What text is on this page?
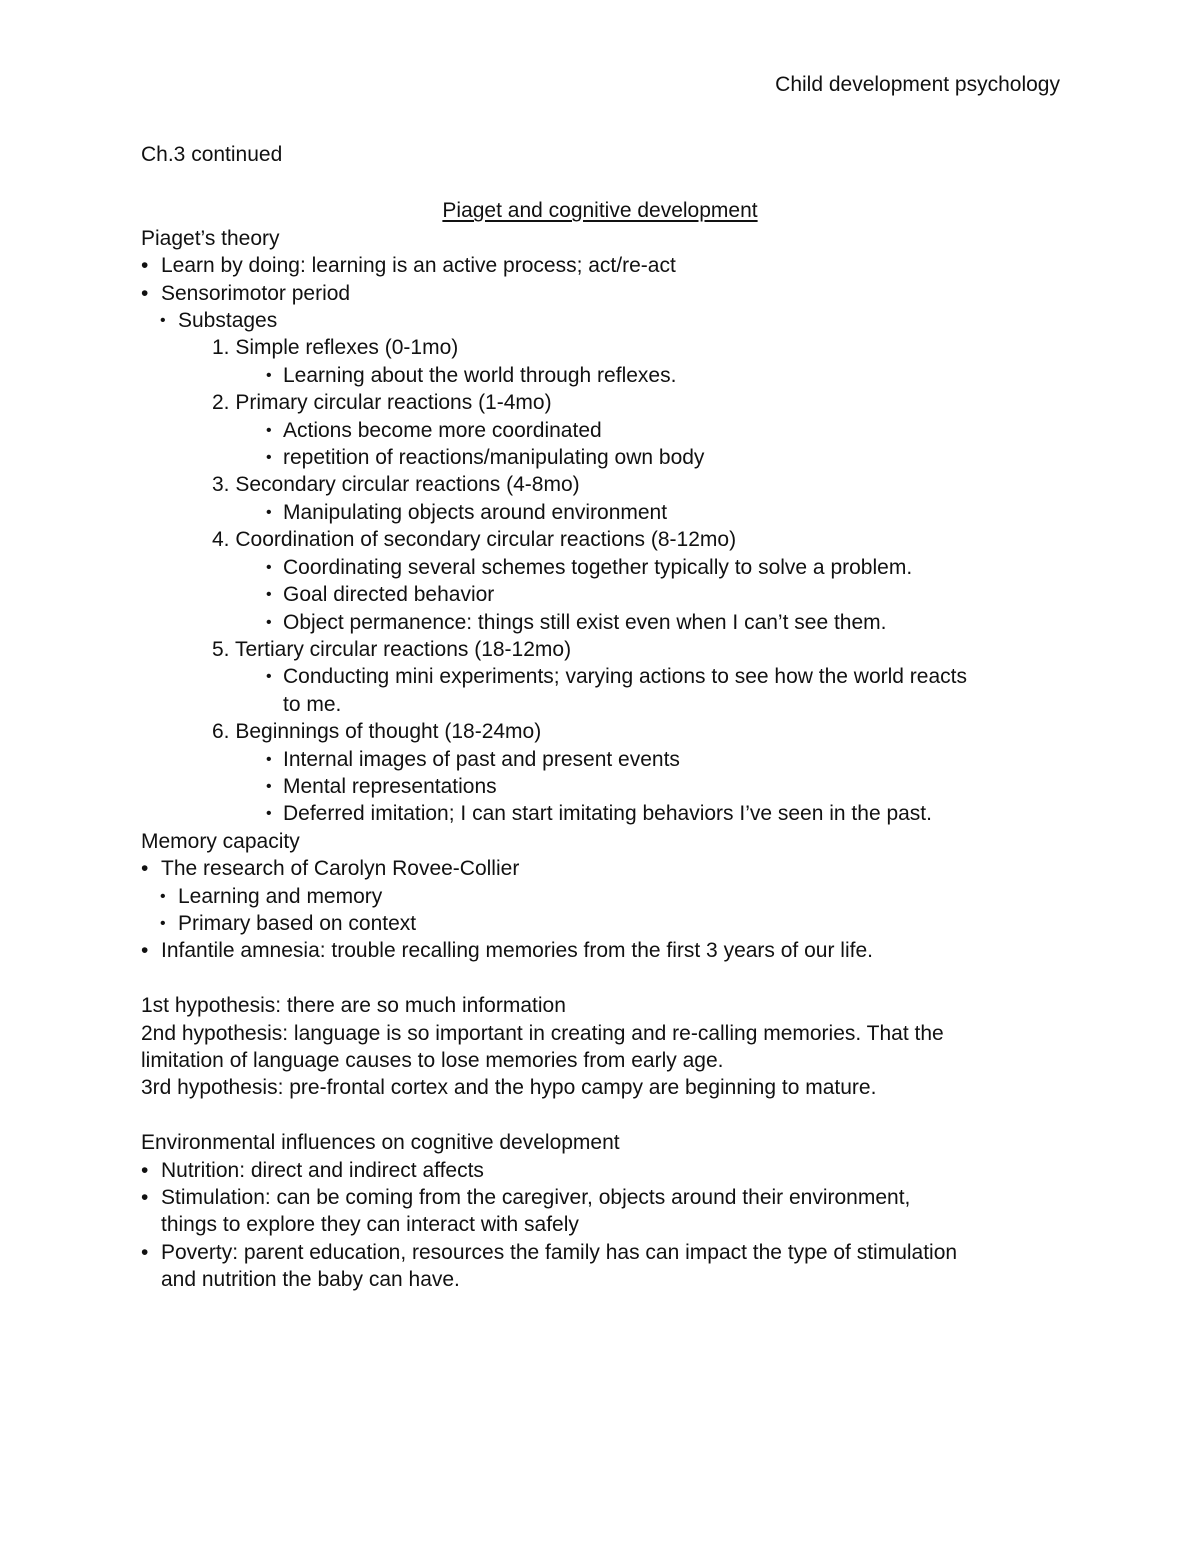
Child development psychology
Ch.3 continued
Piaget and cognitive development
Piaget’s theory
• Learn by doing: learning is an active process; act/re-act
• Sensorimotor period
• Substages
1. Simple reflexes (0-1mo)
• Learning about the world through reflexes.
2. Primary circular reactions (1-4mo)
• Actions become more coordinated
• repetition of reactions/manipulating own body
3. Secondary circular reactions (4-8mo)
• Manipulating objects around environment
4. Coordination of secondary circular reactions (8-12mo)
• Coordinating several schemes together typically to solve a problem.
• Goal directed behavior
• Object permanence: things still exist even when I can’t see them.
5. Tertiary circular reactions (18-12mo)
• Conducting mini experiments; varying actions to see how the world reacts
to me.
6. Beginnings of thought (18-24mo)
• Internal images of past and present events
• Mental representations
• Deferred imitation; I can start imitating behaviors I’ve seen in the past.
Memory capacity
• The research of Carolyn Rovee-Collier
• Learning and memory
• Primary based on context
• Infantile amnesia: trouble recalling memories from the first 3 years of our life.
1st hypothesis: there are so much information
2nd hypothesis: language is so important in creating and re-calling memories. That the
limitation of language causes to lose memories from early age.
3rd hypothesis: pre-frontal cortex and the hypo campy are beginning to mature.
Environmental influences on cognitive development
• Nutrition: direct and indirect affects
• Stimulation: can be coming from the caregiver, objects around their environment,
things to explore they can interact with safely
• Poverty: parent education, resources the family has can impact the type of stimulation
and nutrition the baby can have.
